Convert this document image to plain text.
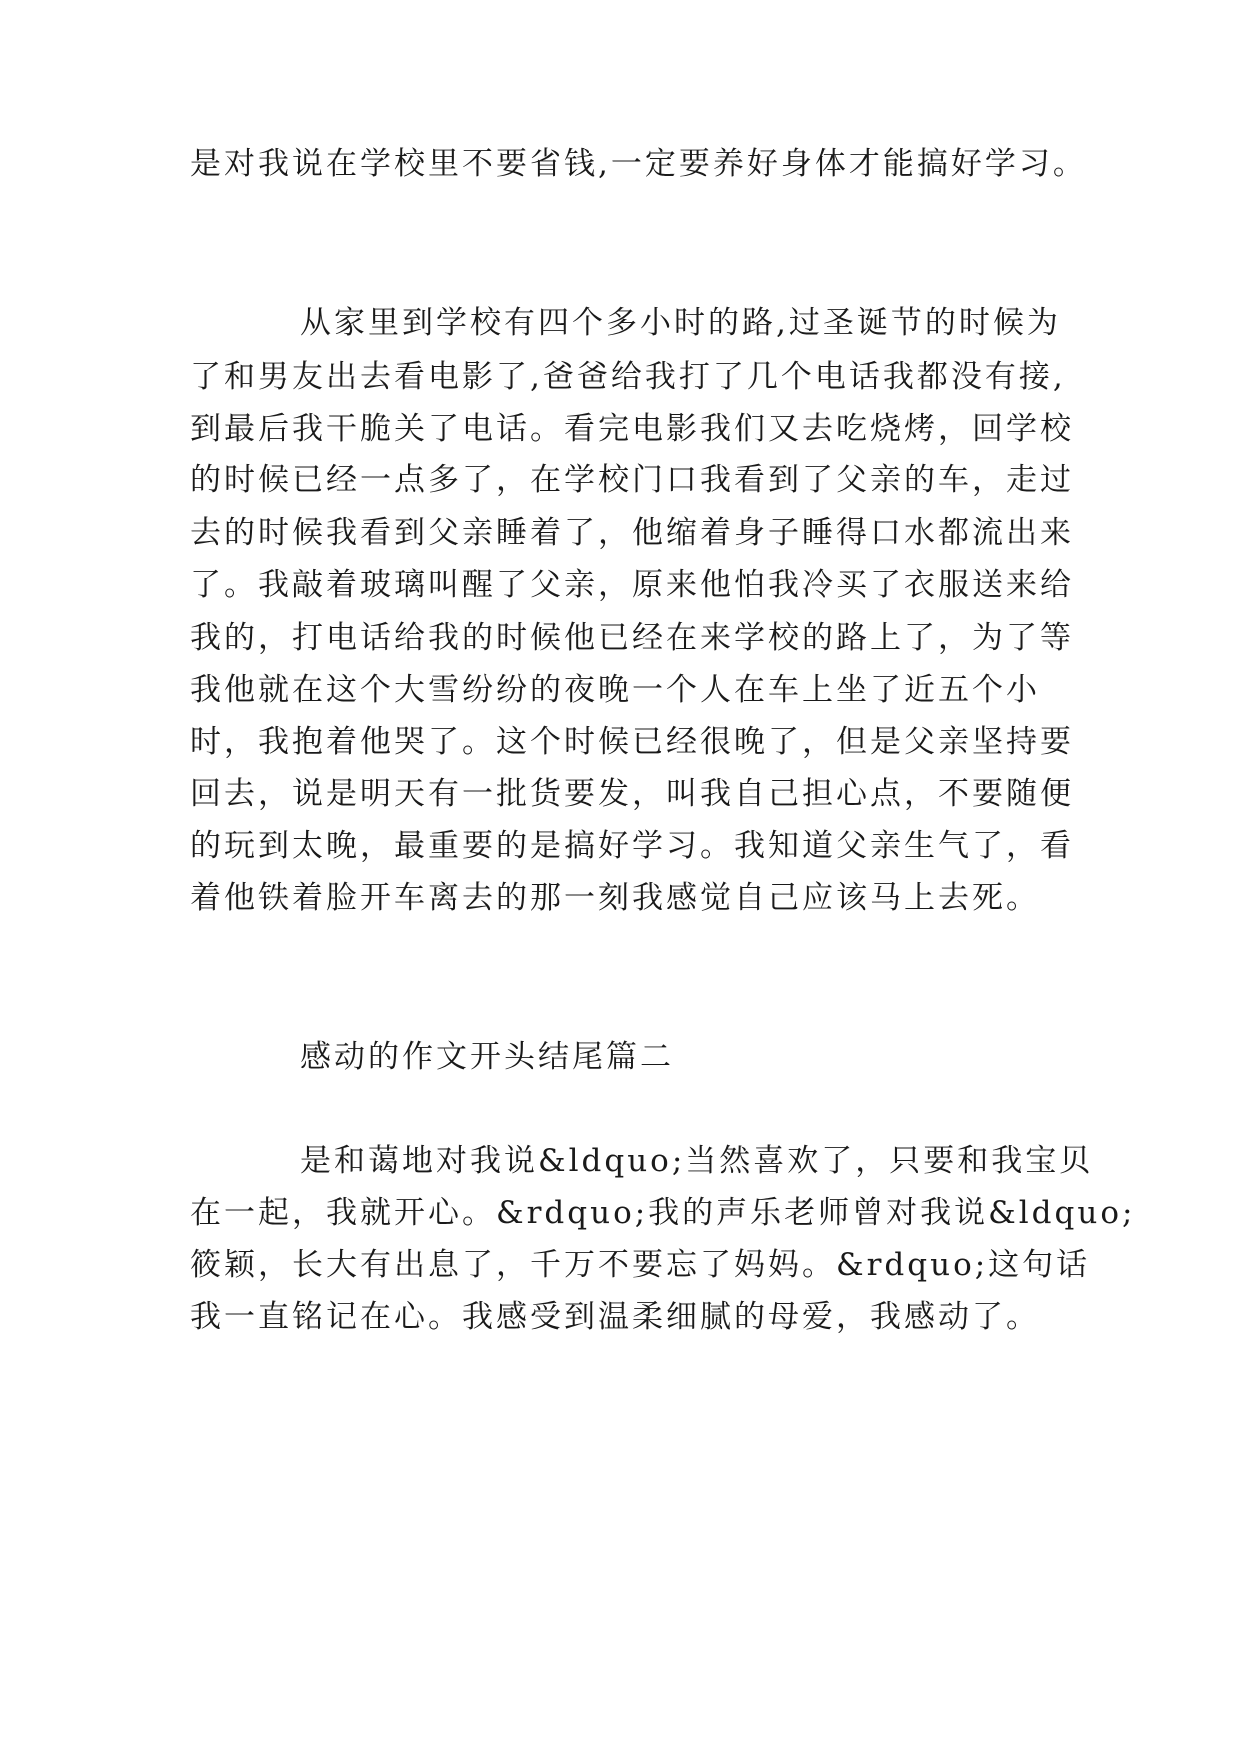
是对我说在学校里不要省钱,一定要养好身体才能搞好学习。
从家里到学校有四个多小时的路,过圣诞节的时候为
了和男友出去看电影了,爸爸给我打了几个电话我都没有接,
到最后我干脆关了电话。看完电影我们又去吃烧烤，回学校
的时候已经一点多了，在学校门口我看到了父亲的车，走过
去的时候我看到父亲睡着了，他缩着身子睡得口水都流出来
了。我敲着玻璃叫醒了父亲，原来他怕我冷买了衣服送来给
我的，打电话给我的时候他已经在来学校的路上了，为了等
我他就在这个大雪纷纷的夜晚一个人在车上坐了近五个小
时，我抱着他哭了。这个时候已经很晚了，但是父亲坚持要
回去，说是明天有一批货要发，叫我自己担心点，不要随便
的玩到太晚，最重要的是搞好学习。我知道父亲生气了，看
着他铁着脸开车离去的那一刻我感觉自己应该马上去死。
感动的作文开头结尾篇二
是和蔼地对我说&ldquo;当然喜欢了，只要和我宝贝
在一起，我就开心。&rdquo;我的声乐老师曾对我说&ldquo;
筱颖，长大有出息了，千万不要忘了妈妈。&rdquo;这句话
我一直铭记在心。我感受到温柔细腻的母爱，我感动了。
